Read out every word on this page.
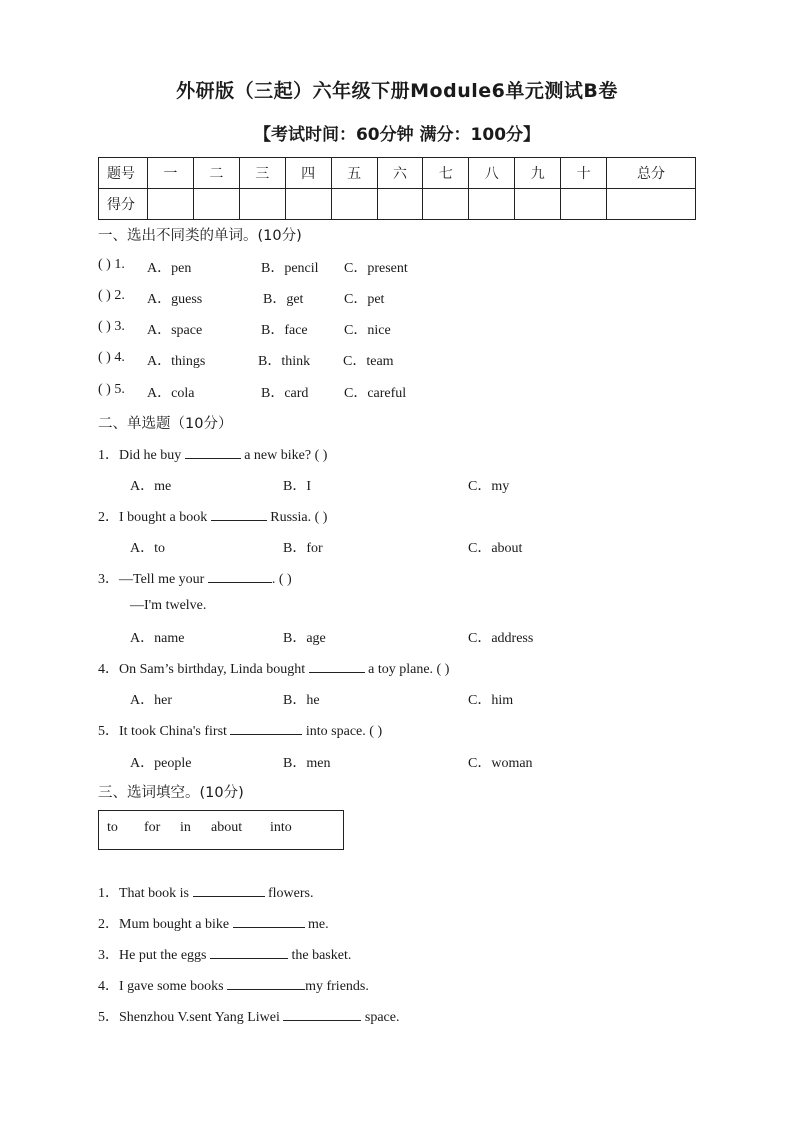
外研版（三起）六年级下册Module6单元测试B卷
【考试时间：60分钟 满分：100分】
题号	一	二	三	四	五	六	七	八	九	十	总分
得分											
一、选出不同类的单词。(10分)
( ) 1. A．pen	B．pencil C．present
( ) 2. A．guess	B．get	C．pet
( ) 3. A．space	B．face	C．nice
( ) 4. A．things	B．think C．team
( ) 5. A．cola	B．card	C．careful
二、单选题（10分）
1．Did he buy	a new bike? ( )
A．me	B．I	C．my
2．I bought a book	Russia. ( )
A．to	B．for	C．about
3．—Tell me your	. ( )
—I'm twelve.
A．name	B．age	C．address
4．On Sam’s birthday, Linda bought	a toy plane. ( )
A．her	B．he	C．him
5．It took China's first	into space. ( )
A．people	B．men	C．woman
三、选词填空。(10分)
to for in about into
1．That book is	flowers.
2．Mum bought a bike	me.
3．He put the eggs	the basket.
4．I gave some books	my friends.
5．Shenzhou V.sent Yang Liwei	space.
